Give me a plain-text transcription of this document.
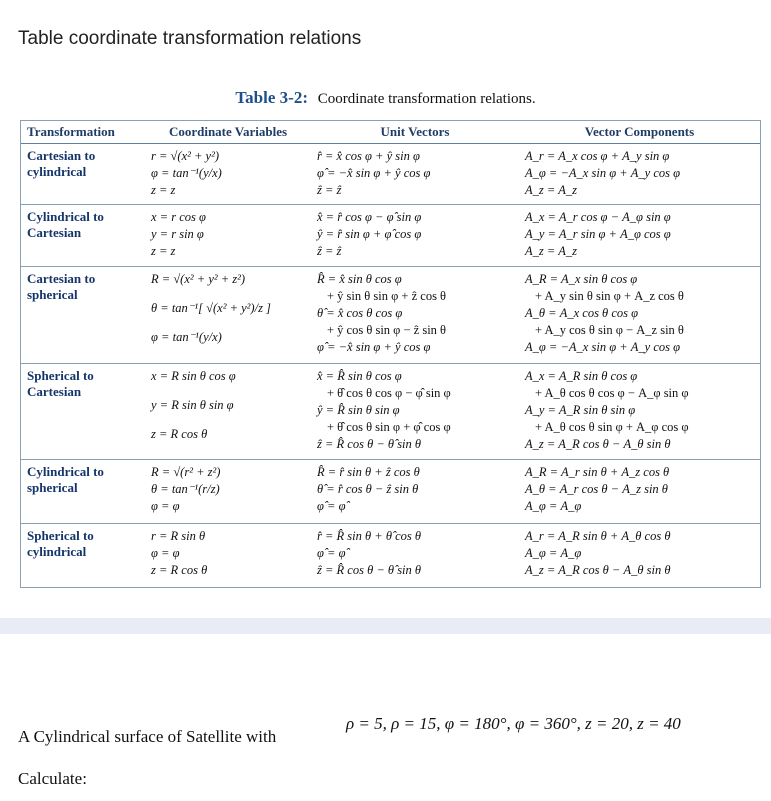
Table coordinate transformation relations
Table 3-2: Coordinate transformation relations.
Transformation	Coordinate Variables	Unit Vectors	Vector Components

Cartesian to
cylindrical	r = √(x² + y²)
φ = tan⁻¹(y/x)
z = z	r̂ = x̂ cos φ + ŷ sin φ
φ̂ = −x̂ sin φ + ŷ cos φ
ẑ = ẑ	A_r = A_x cos φ + A_y sin φ
A_φ = −A_x sin φ + A_y cos φ
A_z = A_z

Cylindrical to
Cartesian	x = r cos φ
y = r sin φ
z = z	x̂ = r̂ cos φ − φ̂ sin φ
ŷ = r̂ sin φ + φ̂ cos φ
ẑ = ẑ	A_x = A_r cos φ − A_φ sin φ
A_y = A_r sin φ + A_φ cos φ
A_z = A_z

Cartesian to
spherical	R = √(x² + y² + z²)
θ = tan⁻¹[ √(x² + y²)/z ]
φ = tan⁻¹(y/x)	R̂ = x̂ sin θ cos φ
+ ŷ sin θ sin φ + ẑ cos θ
θ̂ = x̂ cos θ cos φ
+ ŷ cos θ sin φ − ẑ sin θ
φ̂ = −x̂ sin φ + ŷ cos φ	A_R = A_x sin θ cos φ
+ A_y sin θ sin φ + A_z cos θ
A_θ = A_x cos θ cos φ
+ A_y cos θ sin φ − A_z sin θ
A_φ = −A_x sin φ + A_y cos φ

Spherical to
Cartesian	x = R sin θ cos φ
y = R sin θ sin φ
z = R cos θ	x̂ = R̂ sin θ cos φ
+ θ̂ cos θ cos φ − φ̂ sin φ
ŷ = R̂ sin θ sin φ
+ θ̂ cos θ sin φ + φ̂ cos φ
ẑ = R̂ cos θ − θ̂ sin θ	A_x = A_R sin θ cos φ
+ A_θ cos θ cos φ − A_φ sin φ
A_y = A_R sin θ sin φ
+ A_θ cos θ sin φ + A_φ cos φ
A_z = A_R cos θ − A_θ sin θ

Cylindrical to
spherical	R = √(r² + z²)
θ = tan⁻¹(r/z)
φ = φ	R̂ = r̂ sin θ + ẑ cos θ
θ̂ = r̂ cos θ − ẑ sin θ
φ̂ = φ̂	A_R = A_r sin θ + A_z cos θ
A_θ = A_r cos θ − A_z sin θ
A_φ = A_φ

Spherical to
cylindrical	r = R sin θ
φ = φ
z = R cos θ	r̂ = R̂ sin θ + θ̂ cos θ
φ̂ = φ̂
ẑ = R̂ cos θ − θ̂ sin θ	A_r = A_R sin θ + A_θ cos θ
A_φ = A_φ
A_z = A_R cos θ − A_θ sin θ
A Cylindrical surface of Satellite with
ρ = 5, ρ = 15, φ = 180°, φ = 360°, z = 20, z = 40
Calculate:
